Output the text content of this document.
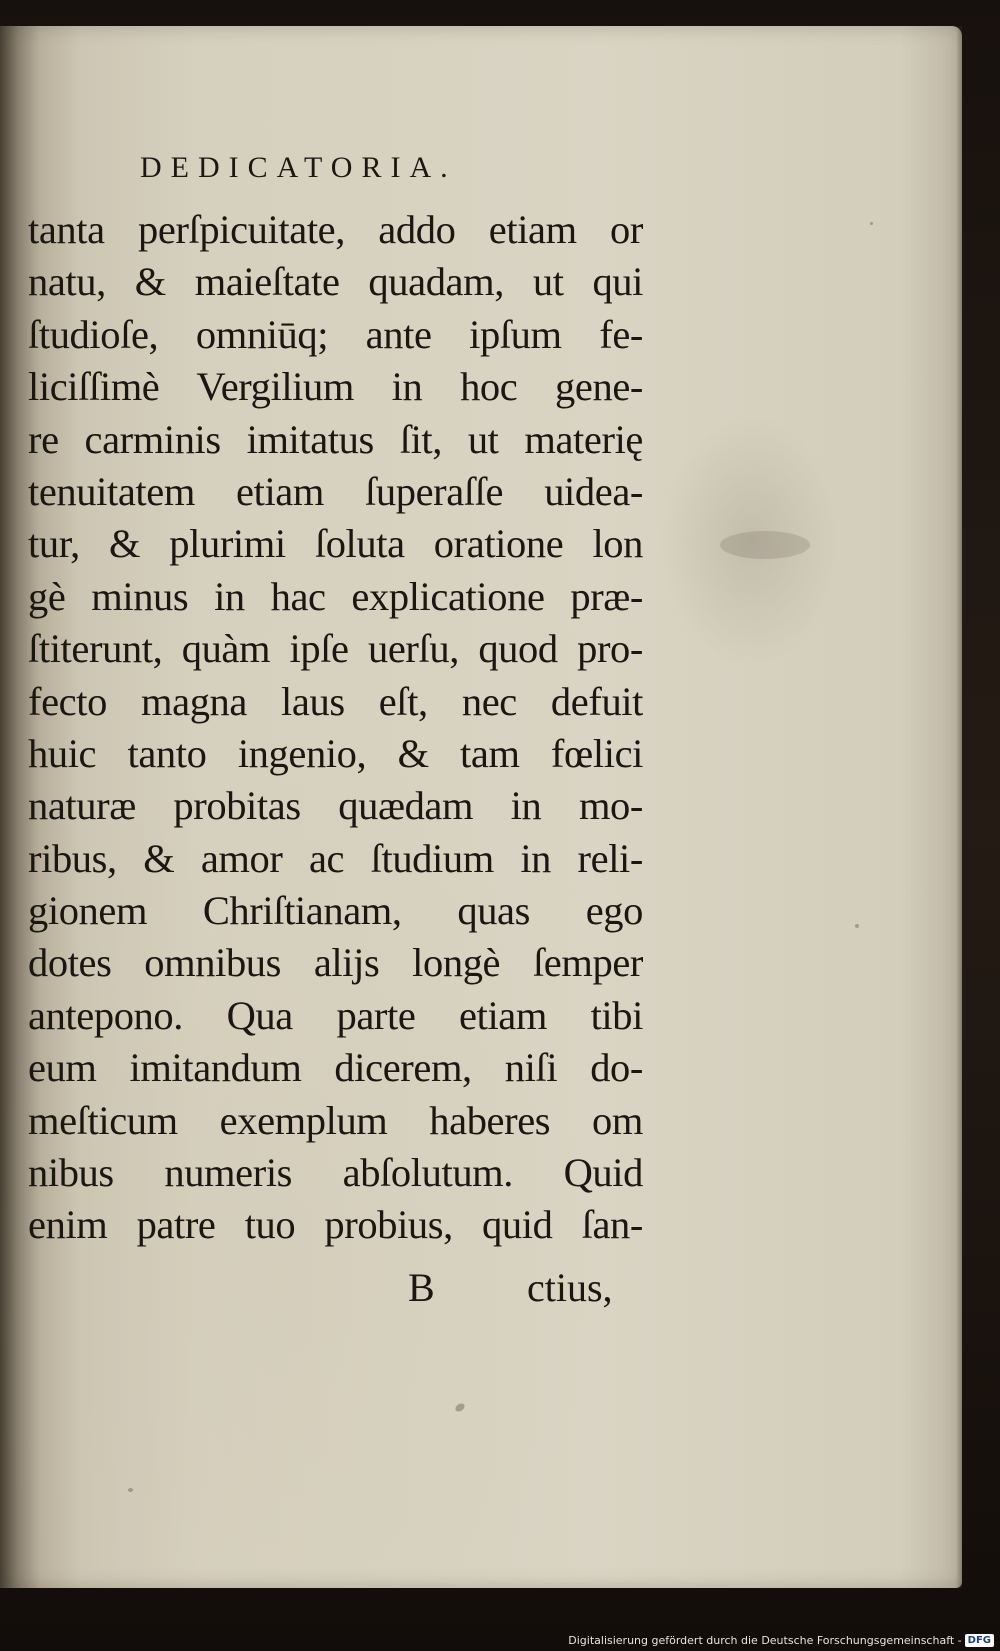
DEDICATORIA.
tanta perſpicuitate, addo etiam or
natu, & maieſtate quadam, ut qui
ſtudioſe, omniūq; ante ipſum fe-
liciſſimè Vergilium in hoc gene-
re carminis imitatus ſit, ut materię
tenuitatem etiam ſuperaſſe uidea-
tur, & plurimi ſoluta oratione lon
gè minus in hac explicatione præ-
ſtiterunt, quàm ipſe uerſu, quod pro-
fecto magna laus eſt, nec defuit
huic tanto ingenio, & tam fœlici
naturæ probitas quædam in mo-
ribus, & amor ac ſtudium in reli-
gionem Chriſtianam, quas ego
dotes omnibus alijs longè ſemper
antepono. Qua parte etiam tibi
eum imitandum dicerem, niſi do-
meſticum exemplum haberes om
nibus numeris abſolutum. Quid
enim patre tuo probius, quid ſan-
B ctius,
Digitalisierung gefördert durch die Deutsche Forschungsgemeinschaft - DFG
